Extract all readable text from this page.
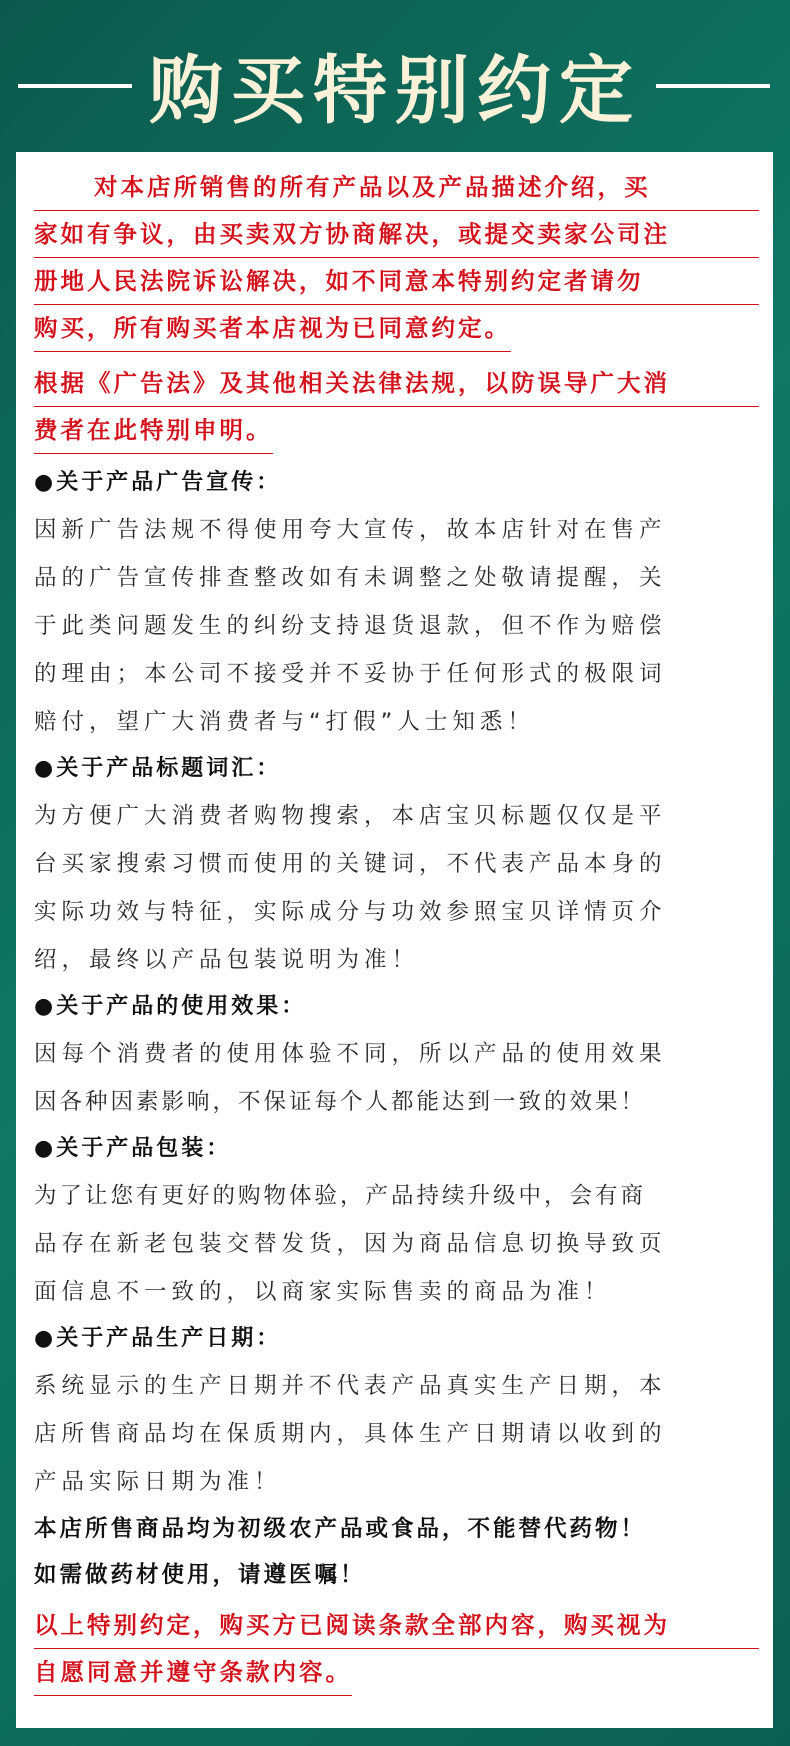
购买特别约定
对本店所销售的所有产品以及产品描述介绍，买
家如有争议，由买卖双方协商解决，或提交卖家公司注
册地人民法院诉讼解决，如不同意本特别约定者请勿
购买，所有购买者本店视为已同意约定。
根据《广告法》及其他相关法律法规，以防误导广大消
费者在此特别申明。

●关于产品广告宣传：

因新广告法规不得使用夸大宣传，故本店针对在售产

品的广告宣传排查整改如有未调整之处敬请提醒，关

于此类问题发生的纠纷支持退货退款，但不作为赔偿

的理由；本公司不接受并不妥协于任何形式的极限词

赔付，望广大消费者与“打假”人士知悉！

●关于产品标题词汇：

为方便广大消费者购物搜索，本店宝贝标题仅仅是平

台买家搜索习惯而使用的关键词，不代表产品本身的

实际功效与特征，实际成分与功效参照宝贝详情页介

绍，最终以产品包装说明为准！

●关于产品的使用效果：

因每个消费者的使用体验不同，所以产品的使用效果

因各种因素影响，不保证每个人都能达到一致的效果！

●关于产品包装：

为了让您有更好的购物体验，产品持续升级中，会有商

品存在新老包装交替发货，因为商品信息切换导致页

面信息不一致的，以商家实际售卖的商品为准！

●关于产品生产日期：

系统显示的生产日期并不代表产品真实生产日期，本

店所售商品均在保质期内，具体生产日期请以收到的

产品实际日期为准！

本店所售商品均为初级农产品或食品，不能替代药物！

如需做药材使用，请遵医嘱！

以上特别约定，购买方已阅读条款全部内容，购买视为
自愿同意并遵守条款内容。
